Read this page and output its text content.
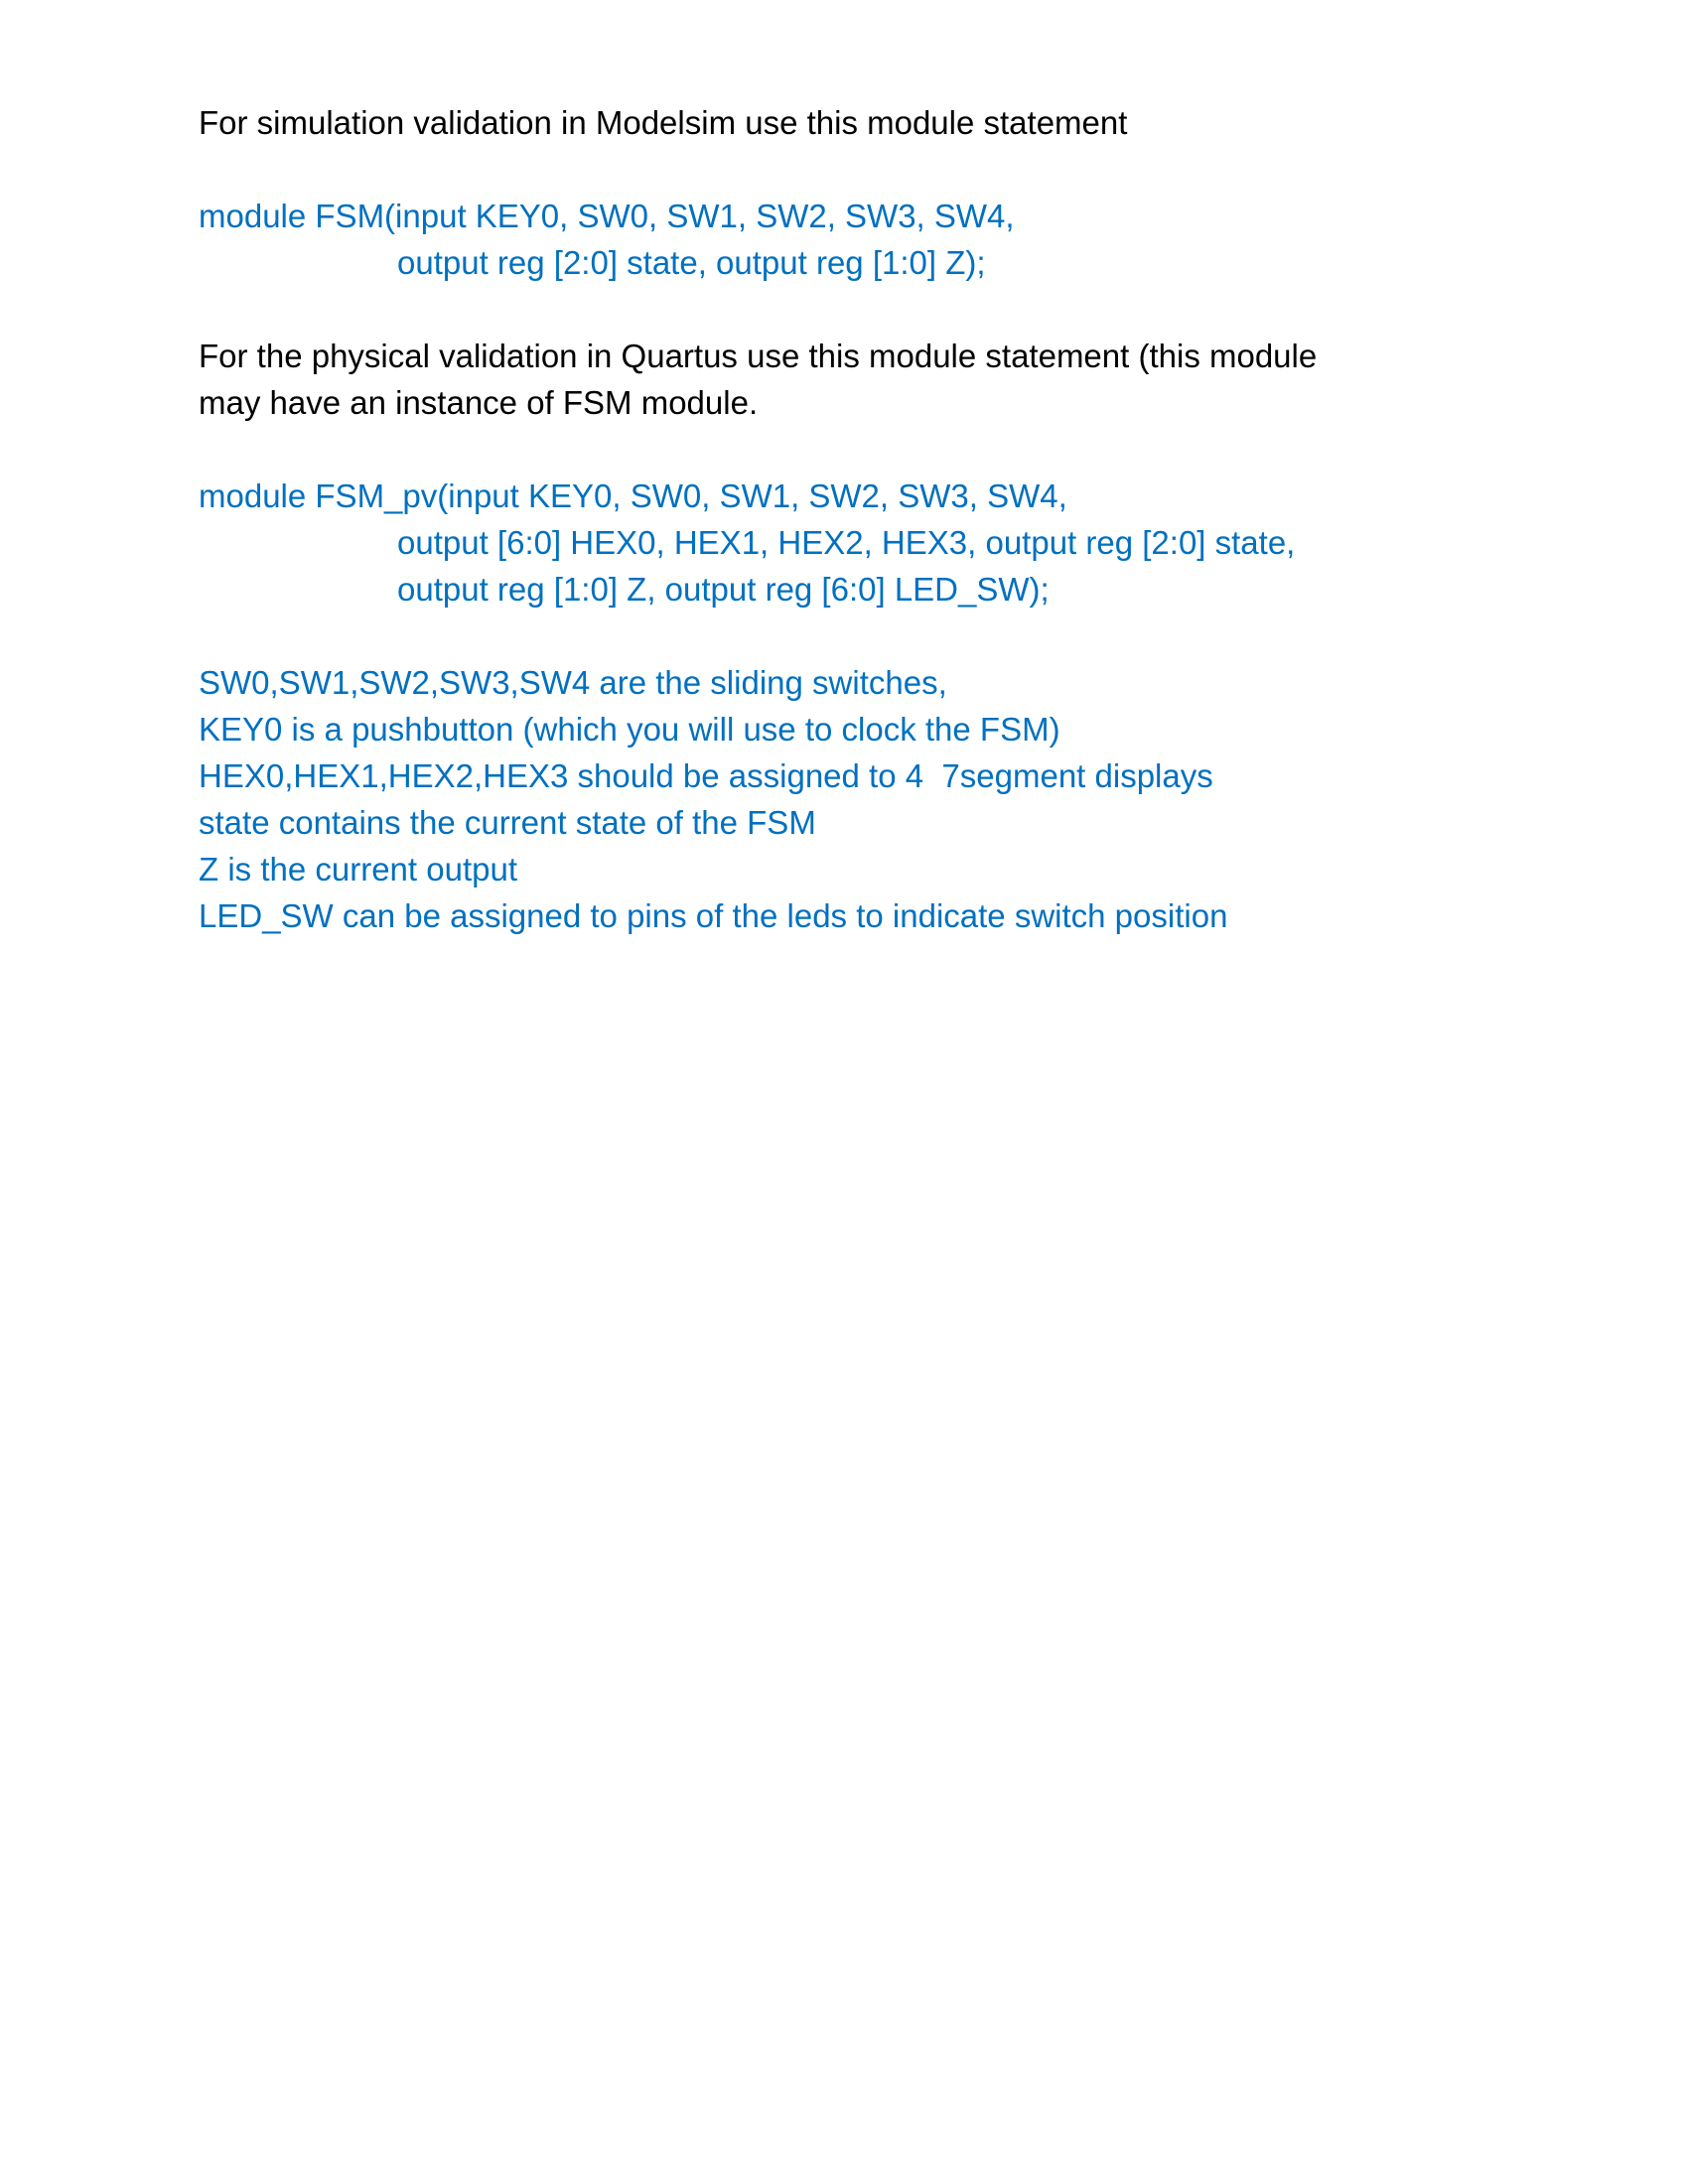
For simulation validation in Modelsim use this module statement

module FSM(input KEY0, SW0, SW1, SW2, SW3, SW4,

output reg [2:0] state, output reg [1:0] Z);

For the physical validation in Quartus use this module statement (this module

may have an instance of FSM module.

module FSM_pv(input KEY0, SW0, SW1, SW2, SW3, SW4,

output [6:0] HEX0, HEX1, HEX2, HEX3, output reg [2:0] state,

output reg [1:0] Z, output reg [6:0] LED_SW);

SW0,SW1,SW2,SW3,SW4 are the sliding switches,

KEY0 is a pushbutton (which you will use to clock the FSM)

HEX0,HEX1,HEX2,HEX3 should be assigned to 4  7segment displays

state contains the current state of the FSM

Z is the current output

LED_SW can be assigned to pins of the leds to indicate switch position
